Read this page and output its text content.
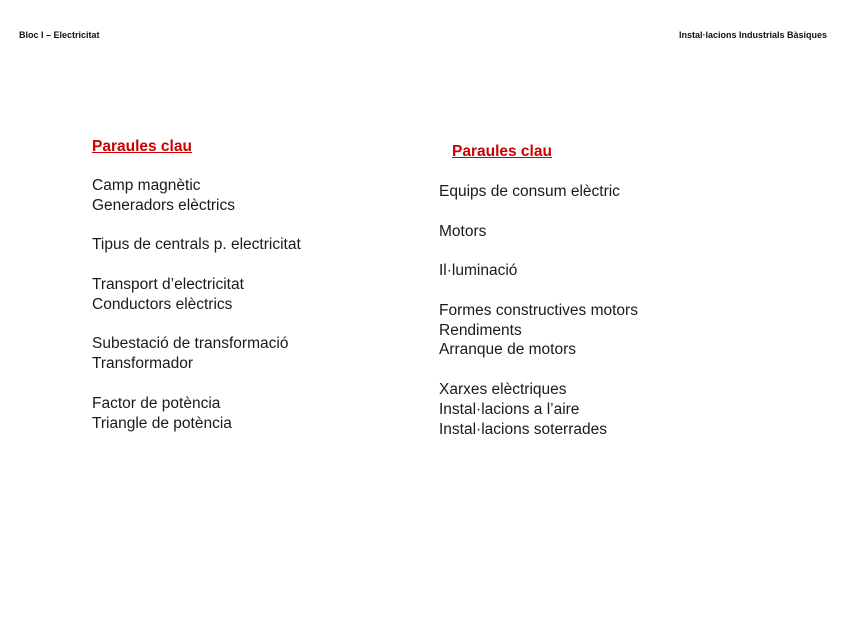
Bloc I – Electricitat	Instal·lacions Industrials Bàsiques
Paraules clau
Camp magnètic
Generadors elèctrics
Tipus de centrals p. electricitat
Transport d’electricitat
Conductors elèctrics
Subestació de transformació
Transformador
Factor de potència
Triangle de potència
Paraules clau
Equips de consum elèctric
Motors
Il·luminació
Formes constructives motors
Rendiments
Arranque de motors
Xarxes elèctriques
Instal·lacions a l’aire
Instal·lacions soterrades
